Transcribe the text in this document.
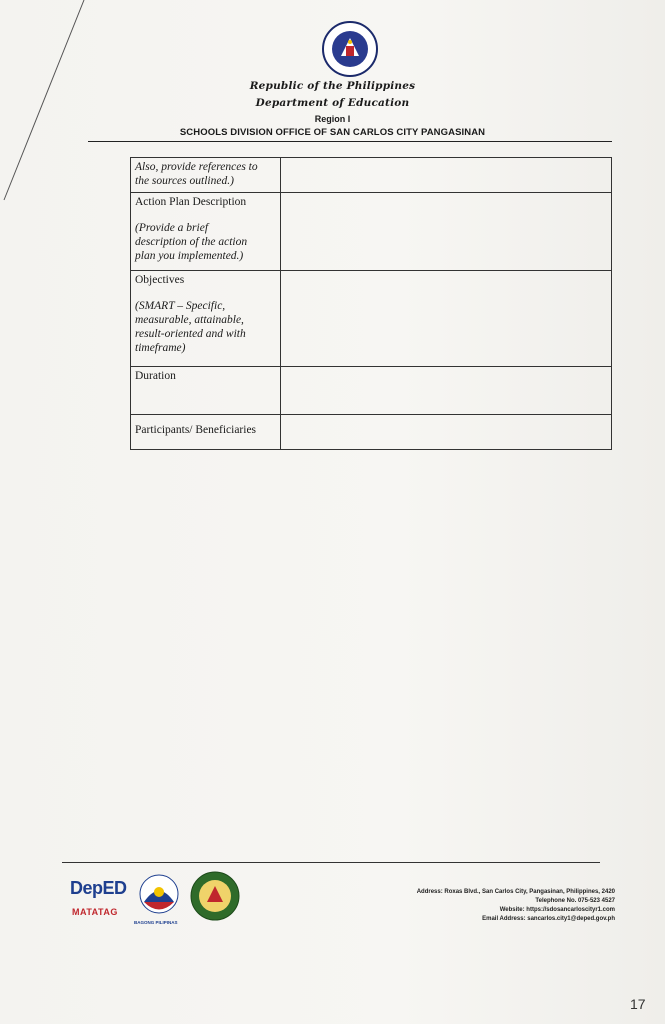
Republic of the Philippines
Department of Education
Region I
SCHOOLS DIVISION OFFICE OF SAN CARLOS CITY PANGASINAN
Also, provide references to
the sources outlined.)	

Action Plan Description
(Provide a brief
description of the action
plan you implemented.)	

Objectives
(SMART – Specific,
measurable, attainable,
result-oriented and with
timeframe)	

Duration	
Participants/ Beneficiaries	
DepED
MATATAG
BAGONG PILIPINAS
Address: Roxas Blvd., San Carlos City, Pangasinan, Philippines, 2420
Telephone No. 075-523 4527
Website: https://sdosancarloscityr1.com
Email Address: sancarlos.city1@deped.gov.ph
17
